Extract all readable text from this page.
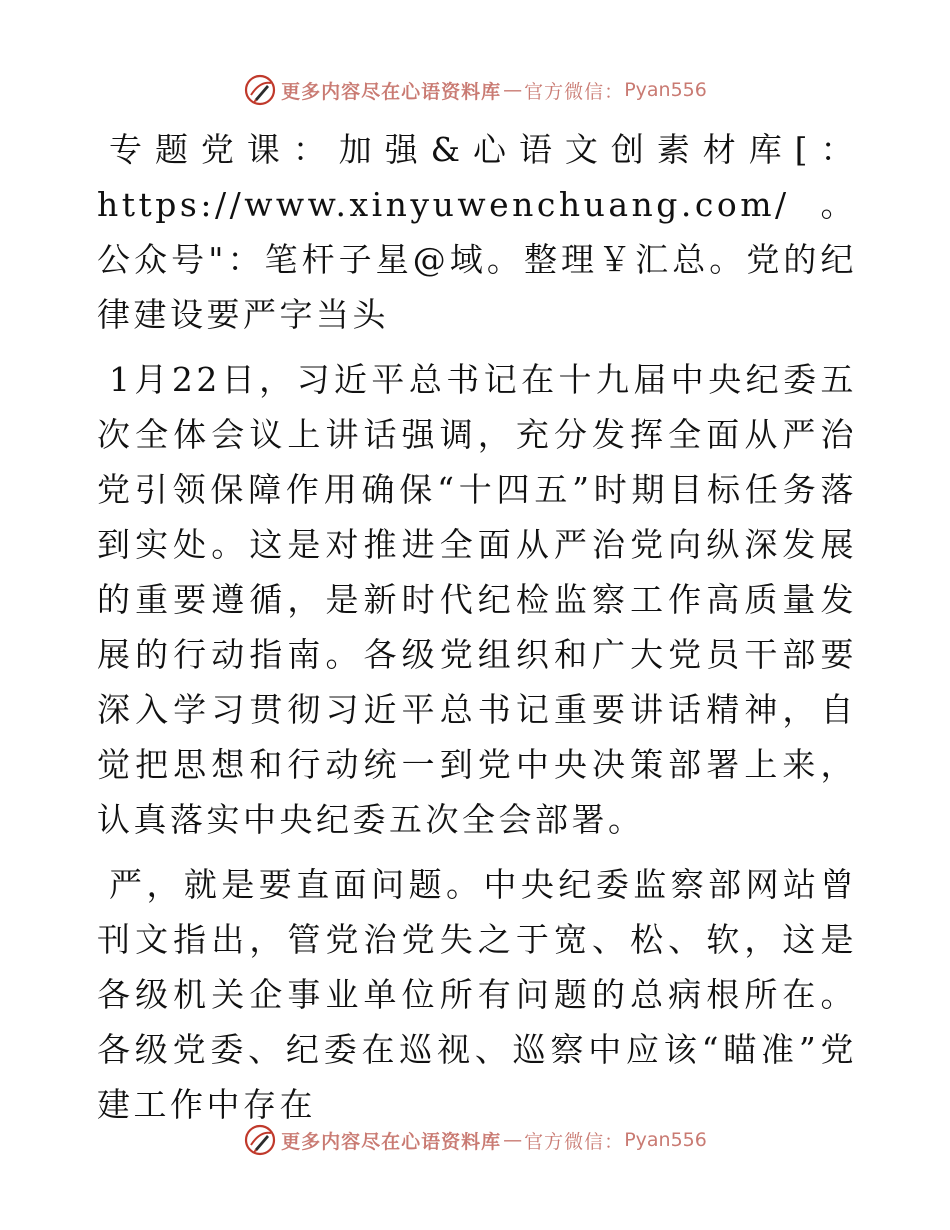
更多内容尽在心语资料库 — 官方微信： Pyan556

专题党课：加强&心语文创素材库[：https://www.xinyuwenchuang.com/。公众号"：笔杆子星@域。整理￥汇总。党的纪律建设要严字当头

1月22日，习近平总书记在十九届中央纪委五次全体会议上讲话强调，充分发挥全面从严治党引领保障作用确保“十四五”时期目标任务落到实处。这是对推进全面从严治党向纵深发展的重要遵循，是新时代纪检监察工作高质量发展的行动指南。各级党组织和广大党员干部要深入学习贯彻习近平总书记重要讲话精神，自觉把思想和行动统一到党中央决策部署上来，认真落实中央纪委五次全会部署。

严，就是要直面问题。中央纪委监察部网站曾刊文指出，管党治党失之于宽、松、软，这是各级机关企事业单位所有问题的总病根所在。各级党委、纪委在巡视、巡察中应该“瞄准”党建工作中存在

更多内容尽在心语资料库 — 官方微信： Pyan556
